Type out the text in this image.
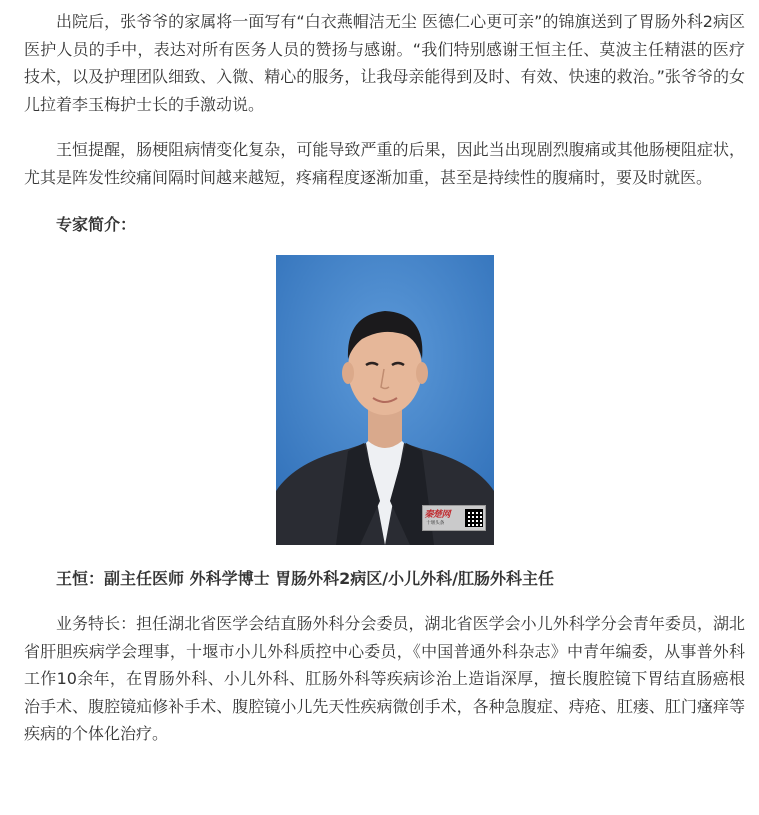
出院后，张爷爷的家属将一面写有“白衣燕帽洁无尘 医德仁心更可亲”的锦旗送到了胃肠外科2病区医护人员的手中，表达对所有医务人员的赞扬与感谢。“我们特别感谢王恒主任、莫波主任精湛的医疗技术，以及护理团队细致、入微、精心的服务，让我母亲能得到及时、有效、快速的救治。”张爷爷的女儿拉着李玉梅护士长的手激动说。

王恒提醒，肠梗阻病情变化复杂，可能导致严重的后果，因此当出现剧烈腹痛或其他肠梗阻症状，尤其是阵发性绞痛间隔时间越来越短，疼痛程度逐渐加重，甚至是持续性的腹痛时，要及时就医。

专家简介：

秦楚网
十堰头条

王恒：副主任医师 外科学博士 胃肠外科2病区/小儿外科/肛肠外科主任

业务特长：担任湖北省医学会结直肠外科分会委员，湖北省医学会小儿外科学分会青年委员，湖北省肝胆疾病学会理事，十堰市小儿外科质控中心委员，《中国普通外科杂志》中青年编委，从事普外科工作10余年，在胃肠外科、小儿外科、肛肠外科等疾病诊治上造诣深厚，擅长腹腔镜下胃结直肠癌根治手术、腹腔镜疝修补手术、腹腔镜小儿先天性疾病微创手术，各种急腹症、痔疮、肛瘘、肛门瘙痒等疾病的个体化治疗。
